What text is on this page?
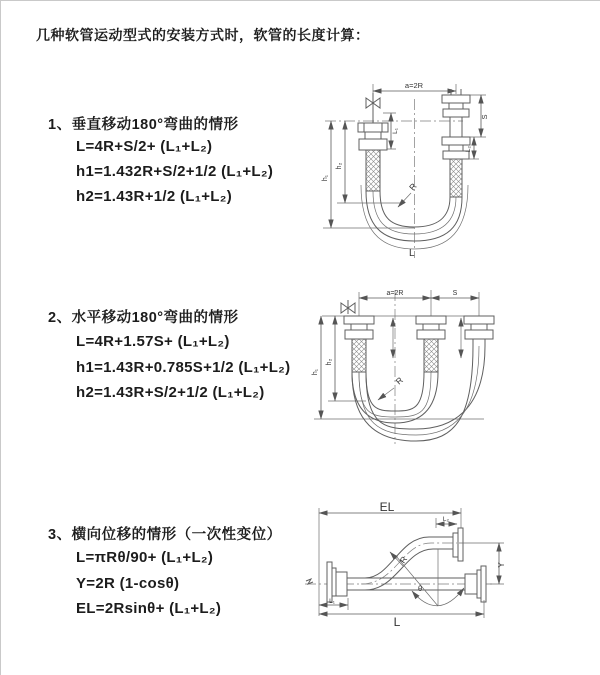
几种软管运动型式的安装方式时，软管的长度计算：
1、垂直移动180°弯曲的情形
L=4R+S/2+ (L₁+L₂)
h1=1.432R+S/2+1/2 (L₁+L₂)
h2=1.43R+1/2 (L₁+L₂)
a=2R
h₁
h₂
L₁
S
L₂
R
L
2、水平移动180°弯曲的情形
L=4R+1.57S+ (L₁+L₂)
h1=1.43R+0.785S+1/2 (L₁+L₂)
h2=1.43R+S/2+1/2 (L₁+L₂)
a=2R	S
h₁
h₂
R
3、横向位移的情形（一次性变位）
L=πRθ/90+ (L₁+L₂)
Y=2R (1-cosθ)
EL=2Rsinθ+ (L₁+L₂)
EL
L₂
Y
θ
R
L₁
L
